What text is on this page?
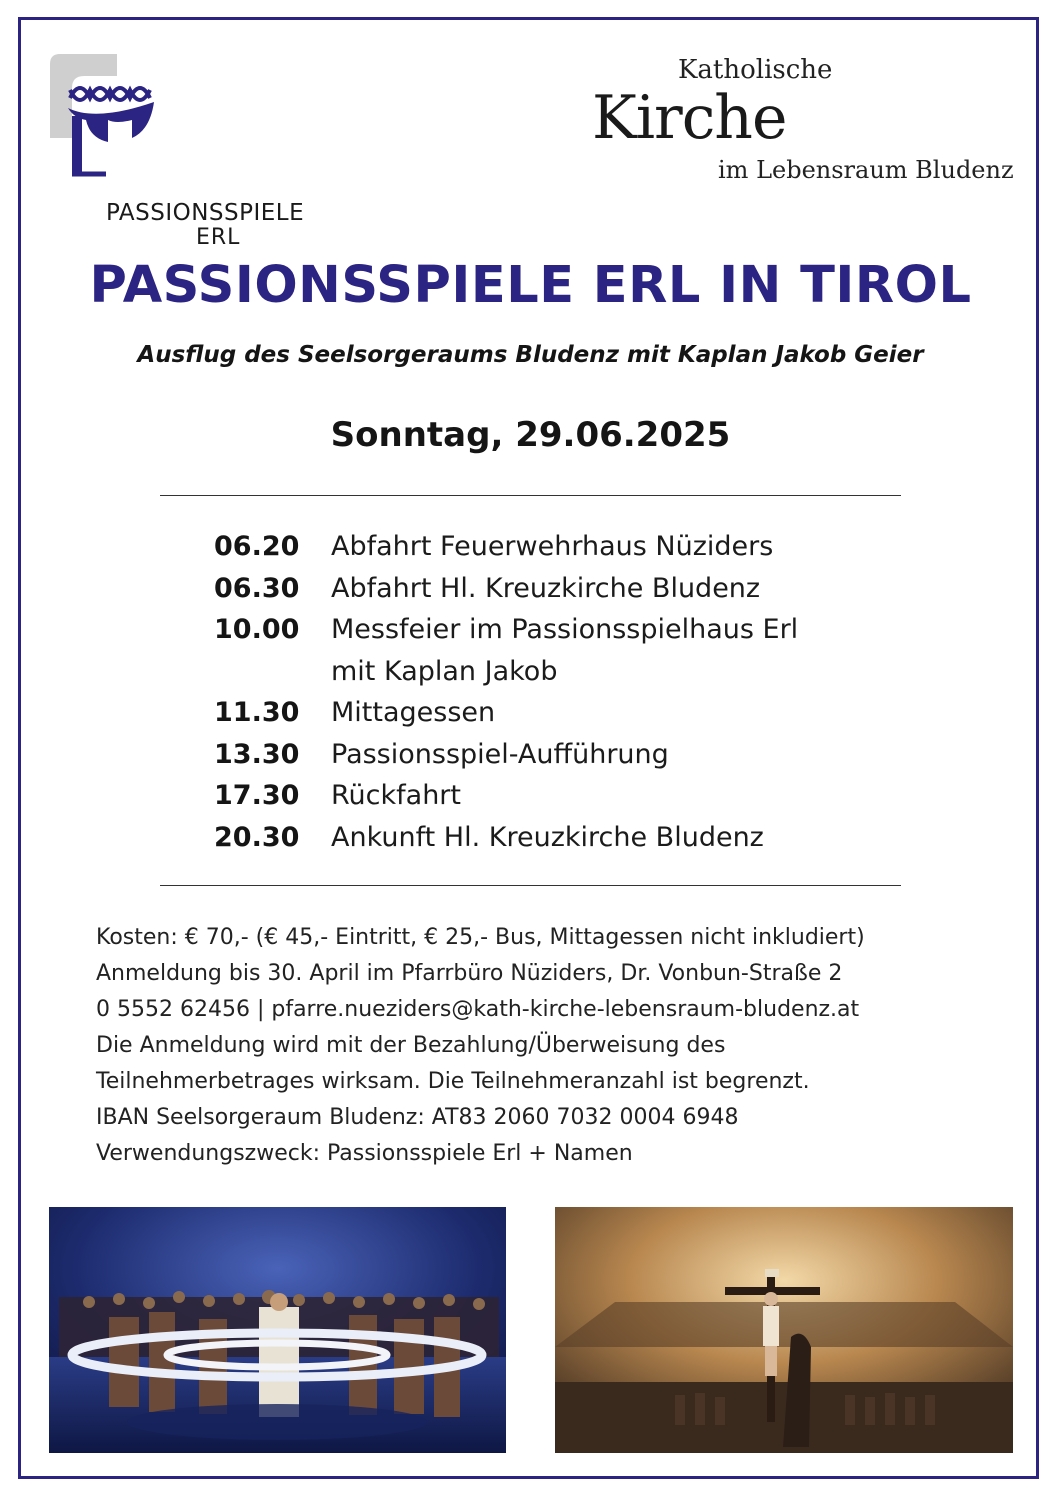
PASSIONSSPIELE
ERL
Katholische
Kirche
im Lebensraum Bludenz
PASSIONSSPIELE ERL IN TIROL
Ausflug des Seelsorgeraums Bludenz mit Kaplan Jakob Geier
Sonntag, 29.06.2025
06.20	Abfahrt Feuerwehrhaus Nüziders
06.30	Abfahrt Hl. Kreuzkirche Bludenz
10.00	Messfeier im Passionsspielhaus Erl
mit Kaplan Jakob
11.30	Mittagessen
13.30	Passionsspiel-Aufführung
17.30	Rückfahrt
20.30	Ankunft Hl. Kreuzkirche Bludenz
Kosten: € 70,- (€ 45,- Eintritt, € 25,- Bus, Mittagessen nicht inkludiert)
Anmeldung bis 30. April im Pfarrbüro Nüziders, Dr. Vonbun-Straße 2
0 5552 62456 | pfarre.nueziders@kath-kirche-lebensraum-bludenz.at
Die Anmeldung wird mit der Bezahlung/Überweisung des
Teilnehmerbetrages wirksam. Die Teilnehmeranzahl ist begrenzt.
IBAN Seelsorgeraum Bludenz: AT83 2060 7032 0004 6948
Verwendungszweck: Passionsspiele Erl + Namen
